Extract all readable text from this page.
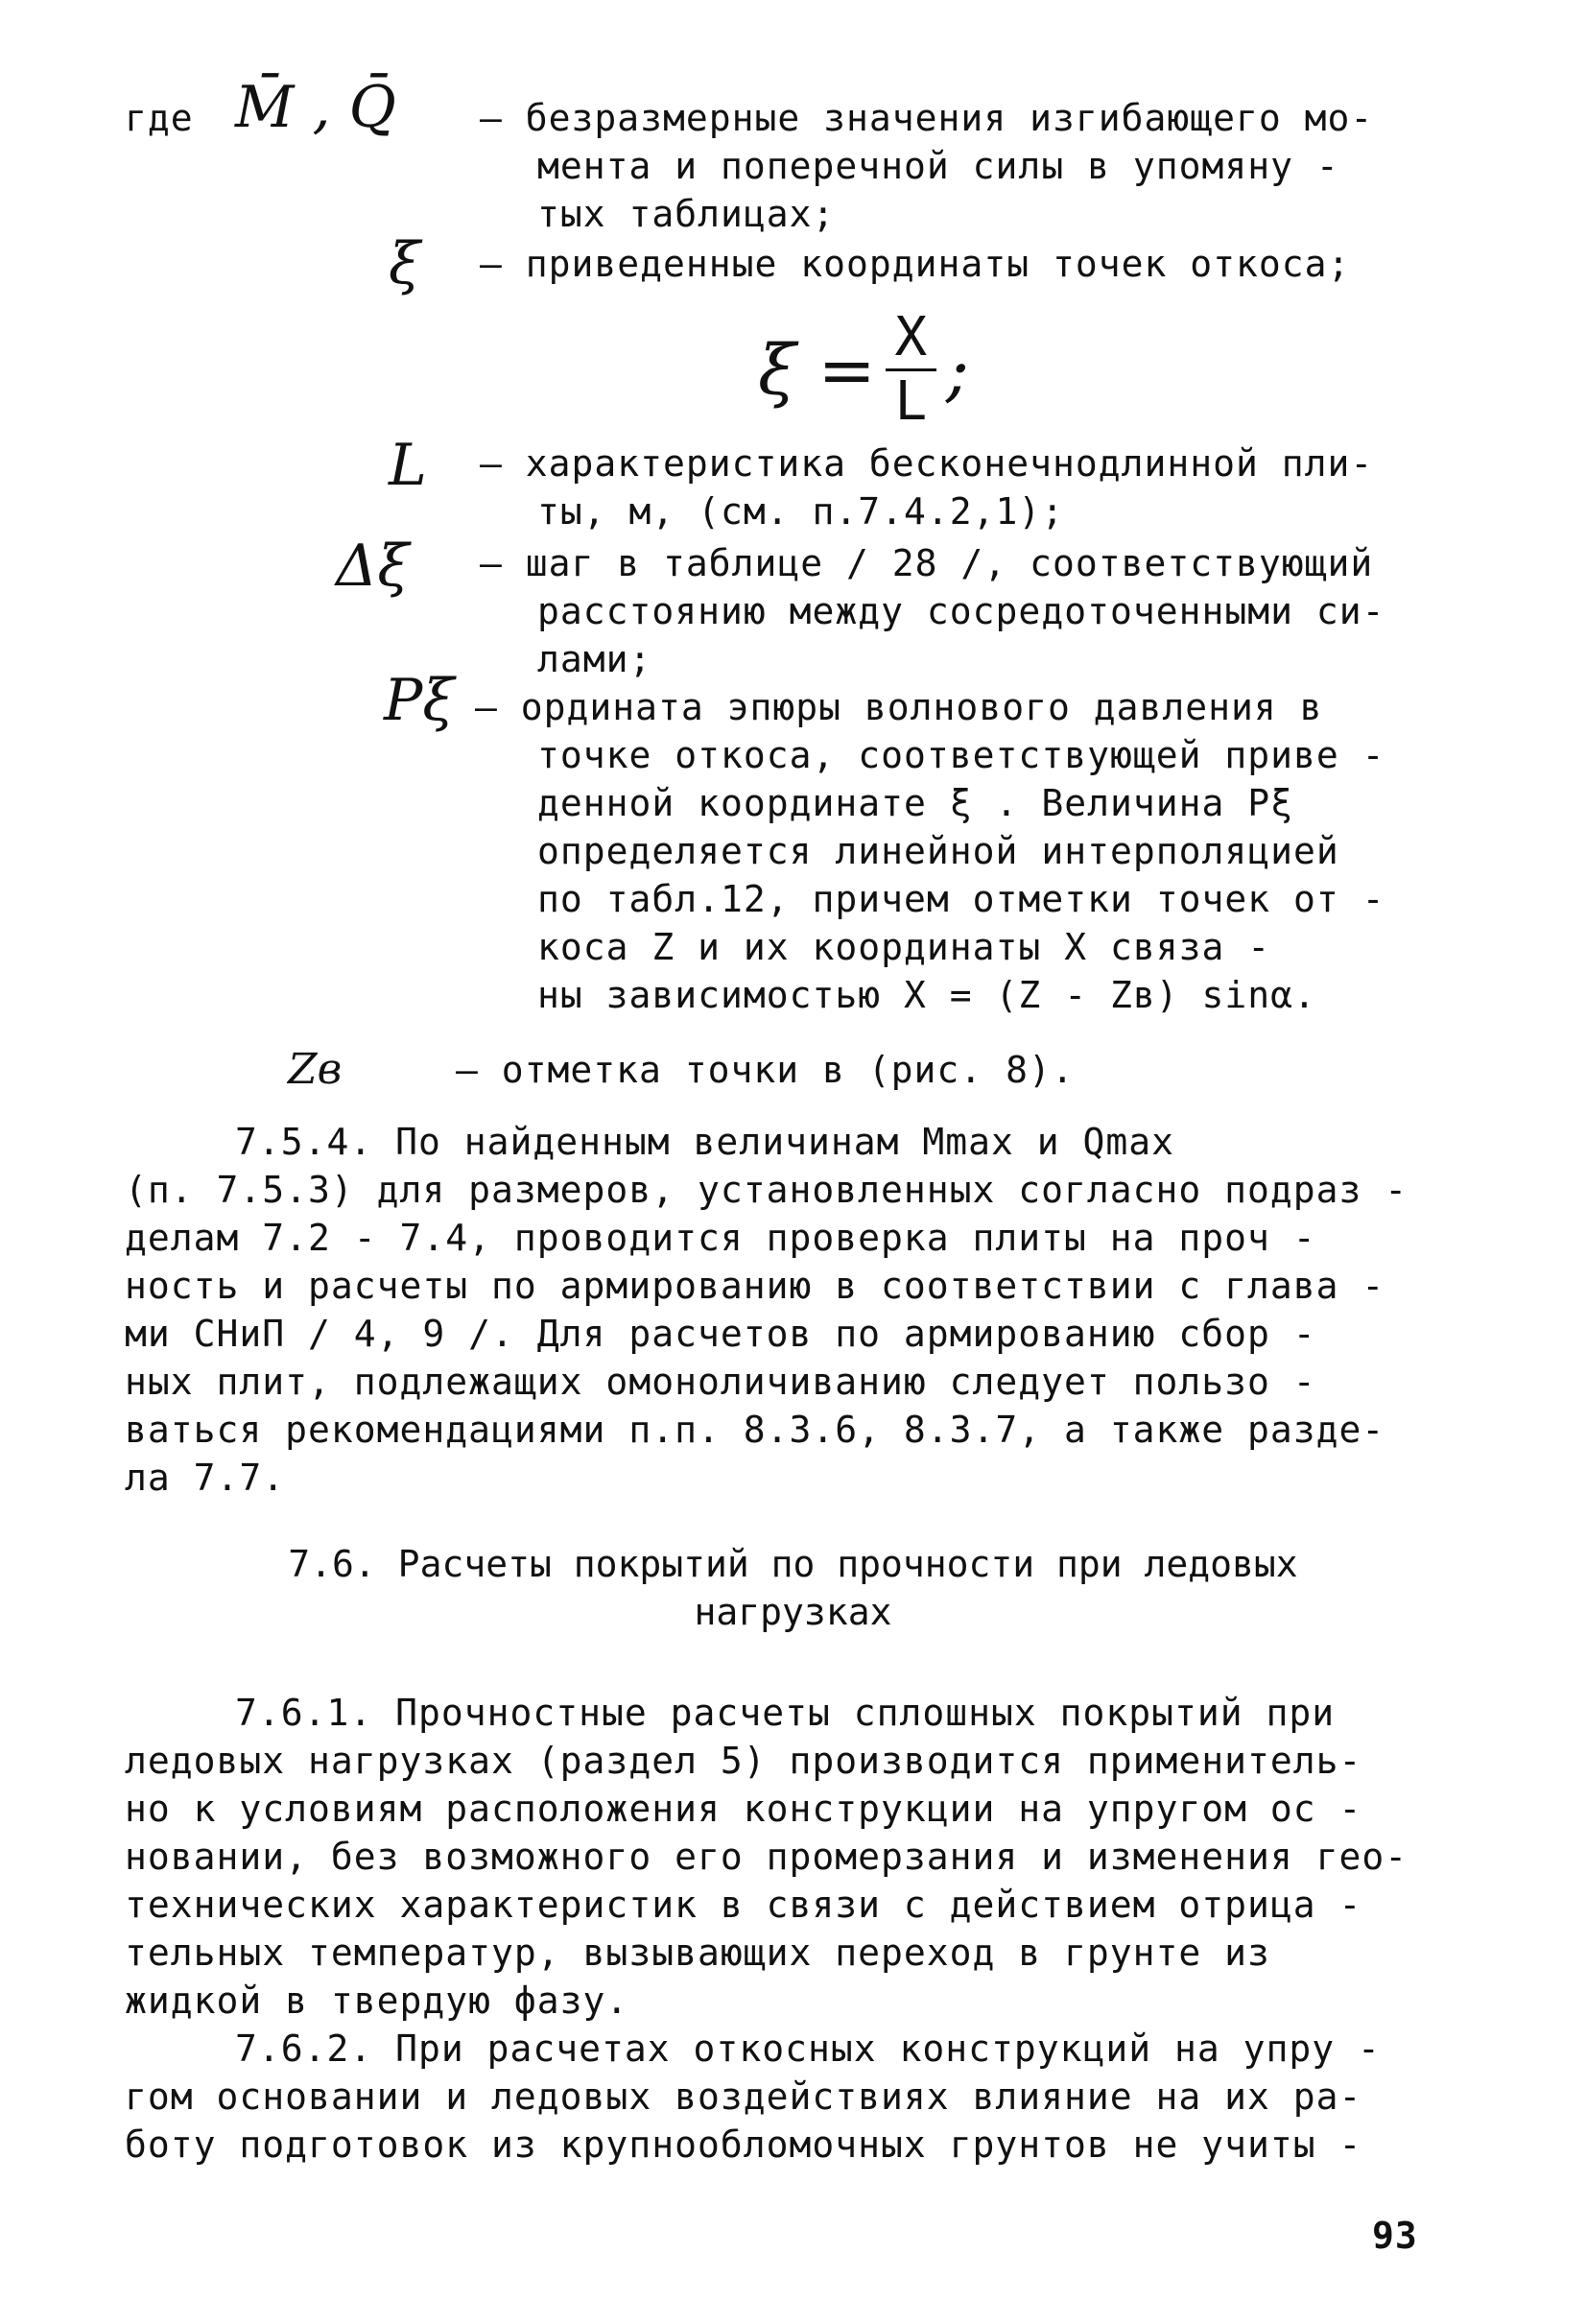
где M̄ , Q̄ – безразмерные значения изгибающего мо-
мента и поперечной силы в упомяну -
тых таблицах;
ξ – приведенные координаты точек откоса;
$\xi = \frac{X}{L}$ ;
L – характеристика бесконечнодлинной пли-
ты, м, (см. п.7.4.2,1);
Δξ – шаг в таблице / 28 /, соответствующий
расстоянию между сосредоточенными си-
лами;
Pξ – ордината эпюры волнового давления в
точке откоса, соответствующей приве -
денной координате ξ . Величина Pξ
определяется линейной интерполяцией
по табл.12, причем отметки точек от -
коса Z и их координаты X связа -
ны зависимостью X = (Z - Zв) sinα.
Zв	– отметка точки в (рис. 8).
7.5.4. По найденным величинам Mmax и Qmax
(п. 7.5.3) для размеров, установленных согласно подраз -
делам 7.2 - 7.4, проводится проверка плиты на проч -
ность и расчеты по армированию в соответствии с глава -
ми СНиП / 4, 9 /. Для расчетов по армированию сбор -
ных плит, подлежащих омоноличиванию следует пользо -
ваться рекомендациями п.п. 8.3.6, 8.3.7, а также разде-
ла 7.7.
7.6. Расчеты покрытий по прочности при ледовых
нагрузках
7.6.1. Прочностные расчеты сплошных покрытий при
ледовых нагрузках (раздел 5) производится применитель-
но к условиям расположения конструкции на упругом ос -
новании, без возможного его промерзания и изменения гео-
технических характеристик в связи с действием отрица -
тельных температур, вызывающих переход в грунте из
жидкой в твердую фазу.
7.6.2. При расчетах откосных конструкций на упру -
гом основании и ледовых воздействиях влияние на их ра-
боту подготовок из крупнообломочных грунтов не учиты -
93
